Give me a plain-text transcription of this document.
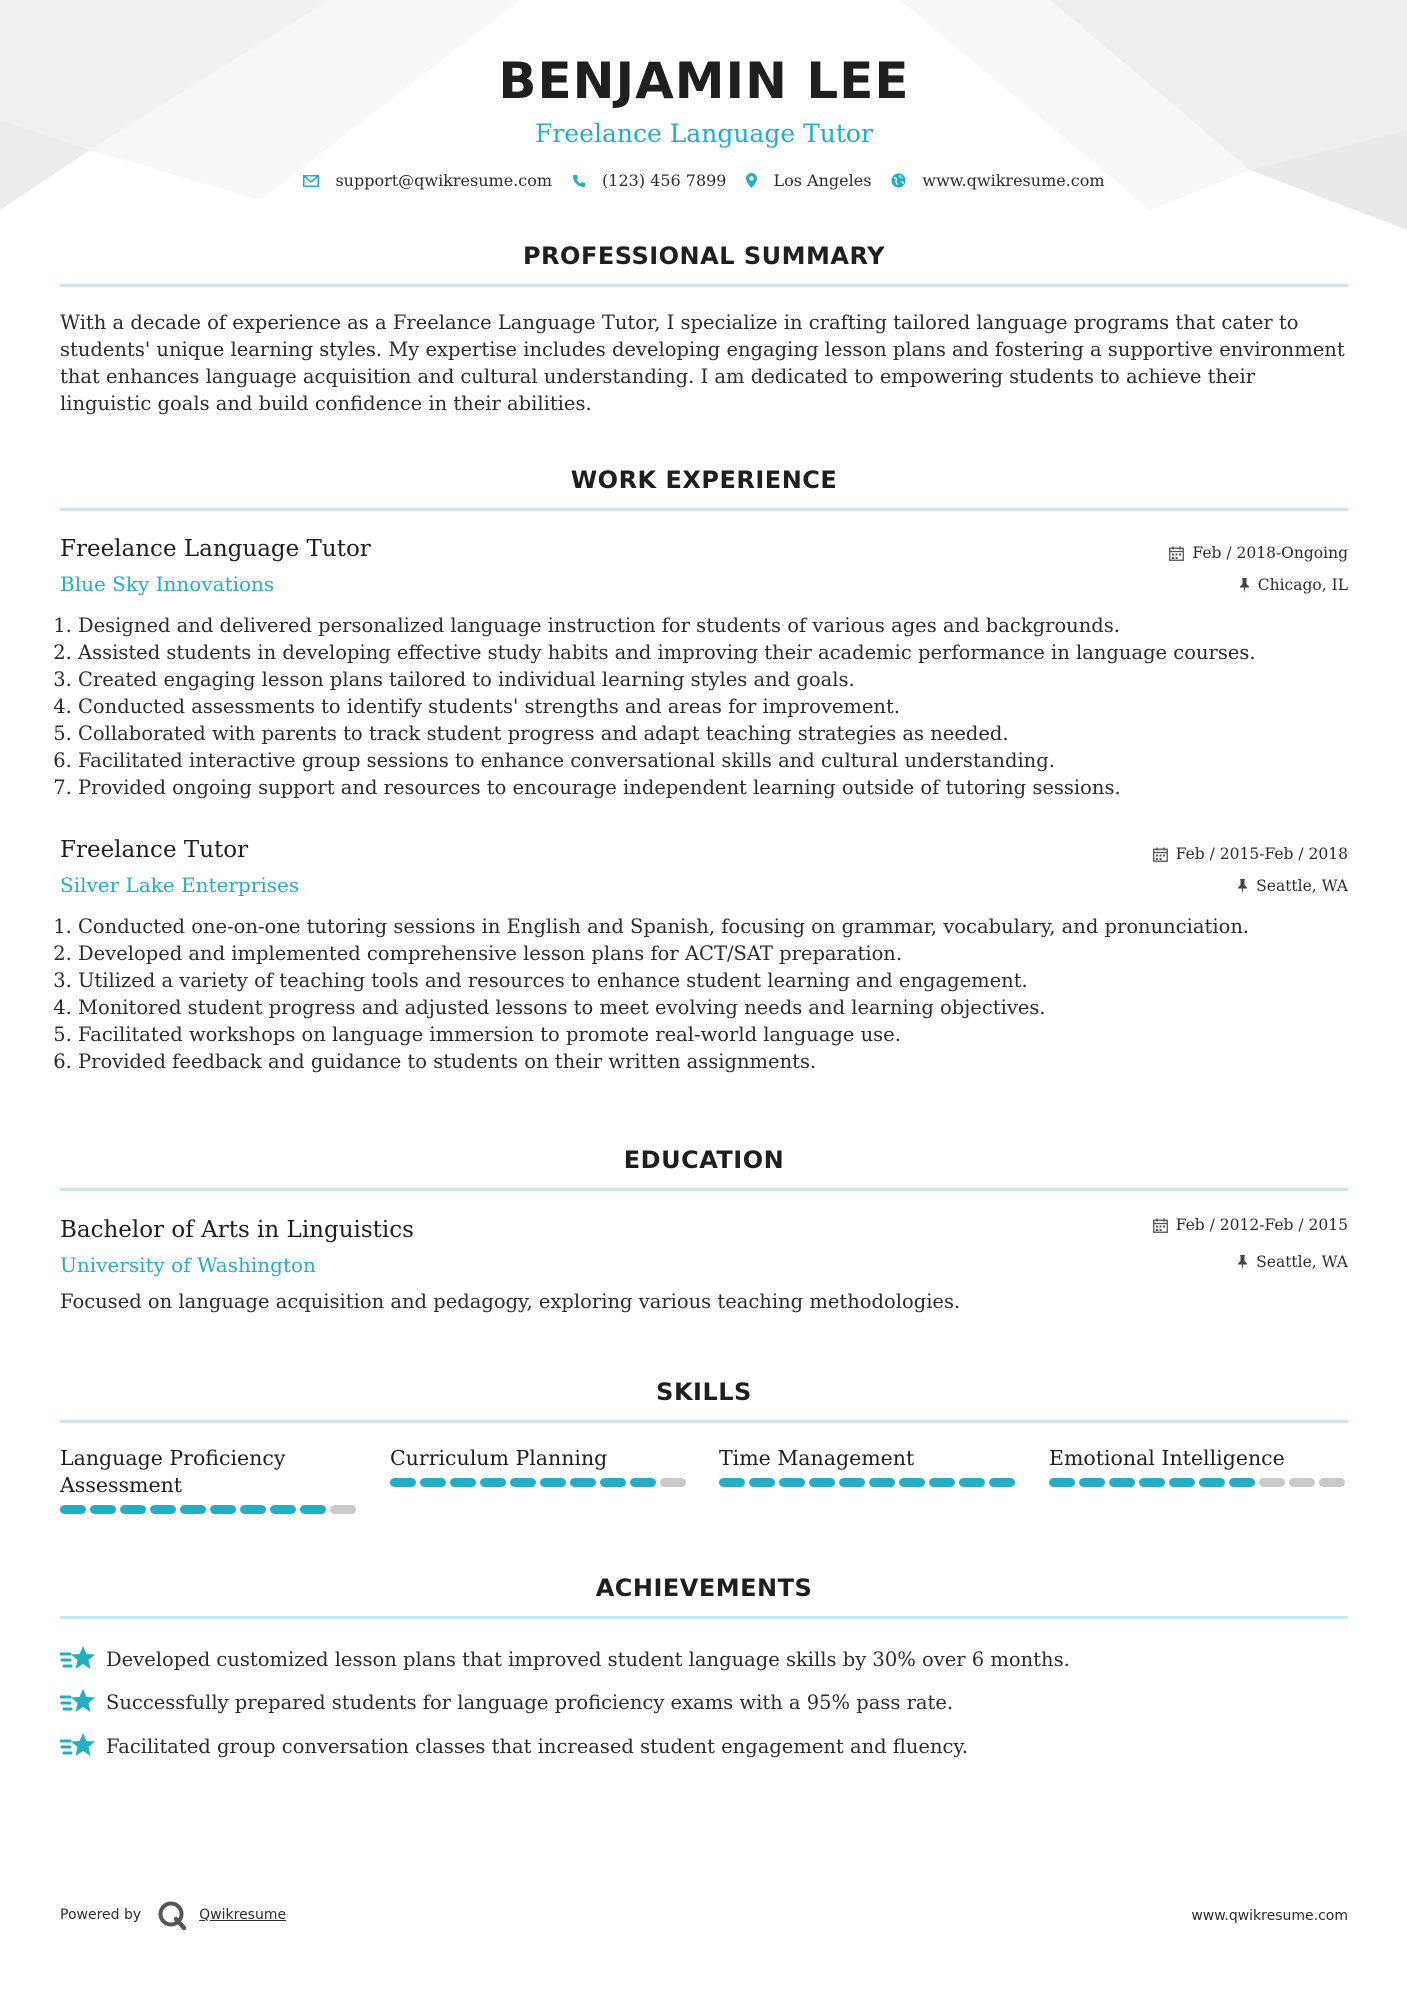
BENJAMIN LEE
Freelance Language Tutor
support@qwikresume.com	(123) 456 7899	Los Angeles	www.qwikresume.com
PROFESSIONAL SUMMARY

With a decade of experience as a Freelance Language Tutor, I specialize in crafting tailored language programs that cater to students' unique learning styles. My expertise includes developing engaging lesson plans and fostering a supportive environment that enhances language acquisition and cultural understanding. I am dedicated to empowering students to achieve their linguistic goals and build confidence in their abilities.

WORK EXPERIENCE
Freelance Language Tutor	Feb / 2018-Ongoing
Blue Sky Innovations	Chicago, IL
1. Designed and delivered personalized language instruction for students of various ages and backgrounds.
2. Assisted students in developing effective study habits and improving their academic performance in language courses.
3. Created engaging lesson plans tailored to individual learning styles and goals.
4. Conducted assessments to identify students' strengths and areas for improvement.
5. Collaborated with parents to track student progress and adapt teaching strategies as needed.
6. Facilitated interactive group sessions to enhance conversational skills and cultural understanding.
7. Provided ongoing support and resources to encourage independent learning outside of tutoring sessions.
Freelance Tutor	Feb / 2015-Feb / 2018
Silver Lake Enterprises	Seattle, WA
1. Conducted one-on-one tutoring sessions in English and Spanish, focusing on grammar, vocabulary, and pronunciation.
2. Developed and implemented comprehensive lesson plans for ACT/SAT preparation.
3. Utilized a variety of teaching tools and resources to enhance student learning and engagement.
4. Monitored student progress and adjusted lessons to meet evolving needs and learning objectives.
5. Facilitated workshops on language immersion to promote real-world language use.
6. Provided feedback and guidance to students on their written assignments.
EDUCATION
Bachelor of Arts in Linguistics	Feb / 2012-Feb / 2015
University of Washington	Seattle, WA
Focused on language acquisition and pedagogy, exploring various teaching methodologies.
SKILLS
Language Proficiency Assessment
Curriculum Planning	Time Management	Emotional Intelligence
ACHIEVEMENTS
Developed customized lesson plans that improved student language skills by 30% over 6 months.
Successfully prepared students for language proficiency exams with a 95% pass rate.
Facilitated group conversation classes that increased student engagement and fluency.
Powered by	Qwikresume	www.qwikresume.com
